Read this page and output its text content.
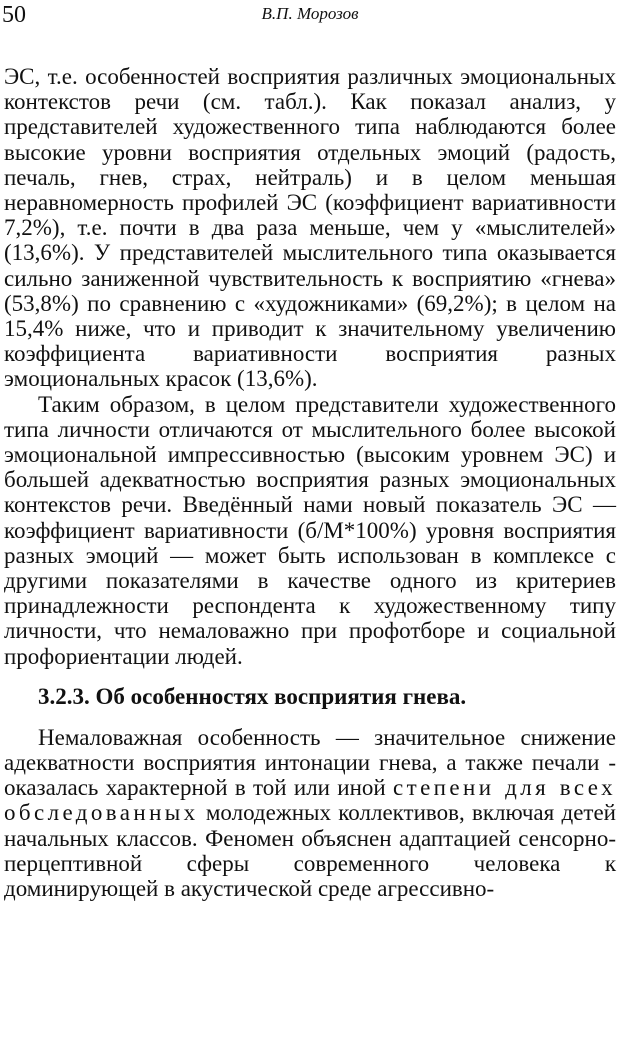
50	В.П. Морозов

ЭС, т.е. особенностей восприятия различных эмоциональных контекстов речи (см. табл.). Как показал анализ, у представителей художественного типа наблюдаются более высокие уровни восприятия отдельных эмоций (радость, печаль, гнев, страх, нейтраль) и в целом меньшая неравномерность профилей ЭС (коэффициент вариативности 7,2%), т.е. почти в два раза меньше, чем у «мыслителей» (13,6%). У представителей мыслительного типа оказывается сильно заниженной чувствительность к восприятию «гнева» (53,8%) по сравнению с «художниками» (69,2%); в целом на 15,4% ниже, что и приводит к значительному увеличению коэффициента вариативности восприятия разных эмоциональных красок (13,6%).

Таким образом, в целом представители художественного типа личности отличаются от мыслительного более высокой эмоциональной импрессивностью (высоким уровнем ЭС) и большей адекватностью восприятия разных эмоциональных контекстов речи. Введённый нами новый показатель ЭС — коэффициент вариативности (б/М*100%) уровня восприятия разных эмоций — может быть использован в комплексе с другими показателями в качестве одного из критериев принадлежности респондента к художественному типу личности, что немаловажно при профотборе и социальной профориентации людей.

3.2.3. Об особенностях восприятия гнева.

Немаловажная особенность — значительное снижение адекватности восприятия интонации гнева, а также печали - оказалась характерной в той или иной степени для всех обследованных молодежных коллективов, включая детей начальных классов. Феномен объяснен адаптацией сенсорно-перцептивной сферы современного человека к доминирующей в акустической среде агрессивно-
